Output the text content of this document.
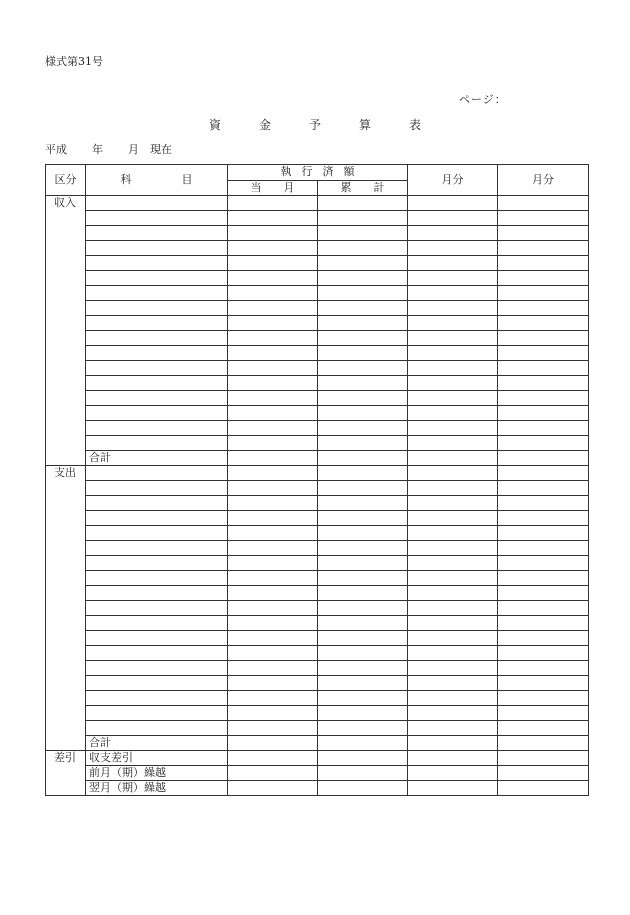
様式第31号
ページ：
資	金	予	算	表
平成 年 月 現在
区分	科 目	執 行 済 額		月分	月分
		当 月	累 計		
収入					

	合計				
支出					

	合計				
差引	収支差引				
	前月（期）繰越				
	翌月（期）繰越				
